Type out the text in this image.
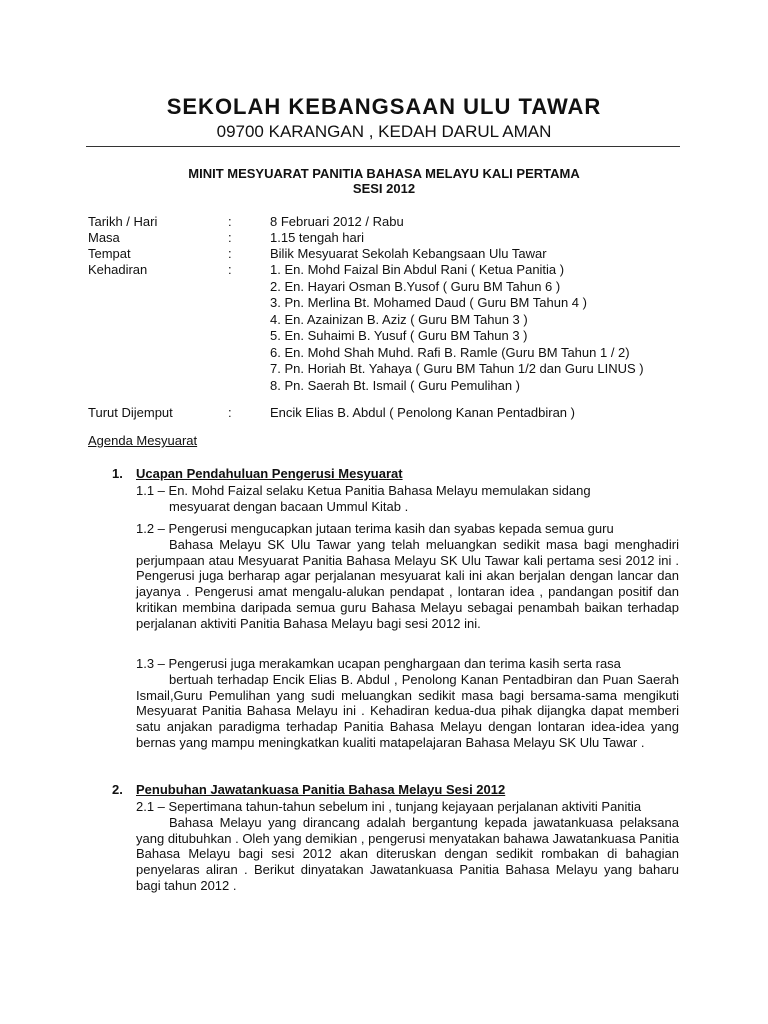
SEKOLAH KEBANGSAAN ULU TAWAR
09700 KARANGAN , KEDAH DARUL AMAN
MINIT MESYUARAT PANITIA BAHASA MELAYU KALI PERTAMA
SESI 2012
Tarikh / Hari	:	8 Februari 2012 / Rabu
Masa	:	1.15 tengah hari
Tempat	:	Bilik Mesyuarat Sekolah Kebangsaan Ulu Tawar
Kehadiran	:	1. En. Mohd Faizal Bin Abdul Rani ( Ketua Panitia )
2. En. Hayari Osman B.Yusof ( Guru BM Tahun 6 )
3. Pn. Merlina Bt. Mohamed Daud ( Guru BM Tahun 4 )
4. En. Azainizan B. Aziz ( Guru BM Tahun 3 )
5. En. Suhaimi B. Yusuf ( Guru BM Tahun 3 )
6. En. Mohd Shah Muhd. Rafi B. Ramle (Guru BM Tahun 1 / 2)
7. Pn. Horiah Bt. Yahaya ( Guru BM Tahun 1/2 dan Guru LINUS )
8. Pn. Saerah Bt. Ismail ( Guru Pemulihan )
Turut Dijemput	:	Encik Elias B. Abdul ( Penolong Kanan Pentadbiran )
Agenda Mesyuarat
1. Ucapan Pendahuluan Pengerusi Mesyuarat
1.1 – En. Mohd Faizal selaku Ketua Panitia Bahasa Melayu memulakan sidang
mesyuarat dengan bacaan Ummul Kitab .
1.2 – Pengerusi mengucapkan jutaan terima kasih dan syabas kepada semua guru
Bahasa Melayu SK Ulu Tawar yang telah meluangkan sedikit masa bagi menghadiri perjumpaan atau Mesyuarat Panitia Bahasa Melayu SK Ulu Tawar kali pertama sesi 2012 ini . Pengerusi juga berharap agar perjalanan mesyuarat kali ini akan berjalan dengan lancar dan jayanya . Pengerusi amat mengalu-alukan pendapat , lontaran idea , pandangan positif dan kritikan membina daripada semua guru Bahasa Melayu sebagai penambah baikan terhadap perjalanan aktiviti Panitia Bahasa Melayu bagi sesi 2012 ini.
1.3 – Pengerusi juga merakamkan ucapan penghargaan dan terima kasih serta rasa
bertuah terhadap Encik Elias B. Abdul , Penolong Kanan Pentadbiran dan Puan Saerah Ismail,Guru Pemulihan yang sudi meluangkan sedikit masa bagi bersama-sama mengikuti Mesyuarat Panitia Bahasa Melayu ini . Kehadiran kedua-dua pihak dijangka dapat memberi satu anjakan paradigma terhadap Panitia Bahasa Melayu dengan lontaran idea-idea yang bernas yang mampu meningkatkan kualiti matapelajaran Bahasa Melayu SK Ulu Tawar .
2. Penubuhan Jawatankuasa Panitia Bahasa Melayu Sesi 2012
2.1 – Sepertimana tahun-tahun sebelum ini , tunjang kejayaan perjalanan aktiviti Panitia
Bahasa Melayu yang dirancang adalah bergantung kepada jawatankuasa pelaksana yang ditubuhkan . Oleh yang demikian , pengerusi menyatakan bahawa Jawatankuasa Panitia Bahasa Melayu bagi sesi 2012 akan diteruskan dengan sedikit rombakan di bahagian penyelaras aliran . Berikut dinyatakan Jawatankuasa Panitia Bahasa Melayu yang baharu bagi tahun 2012 .
